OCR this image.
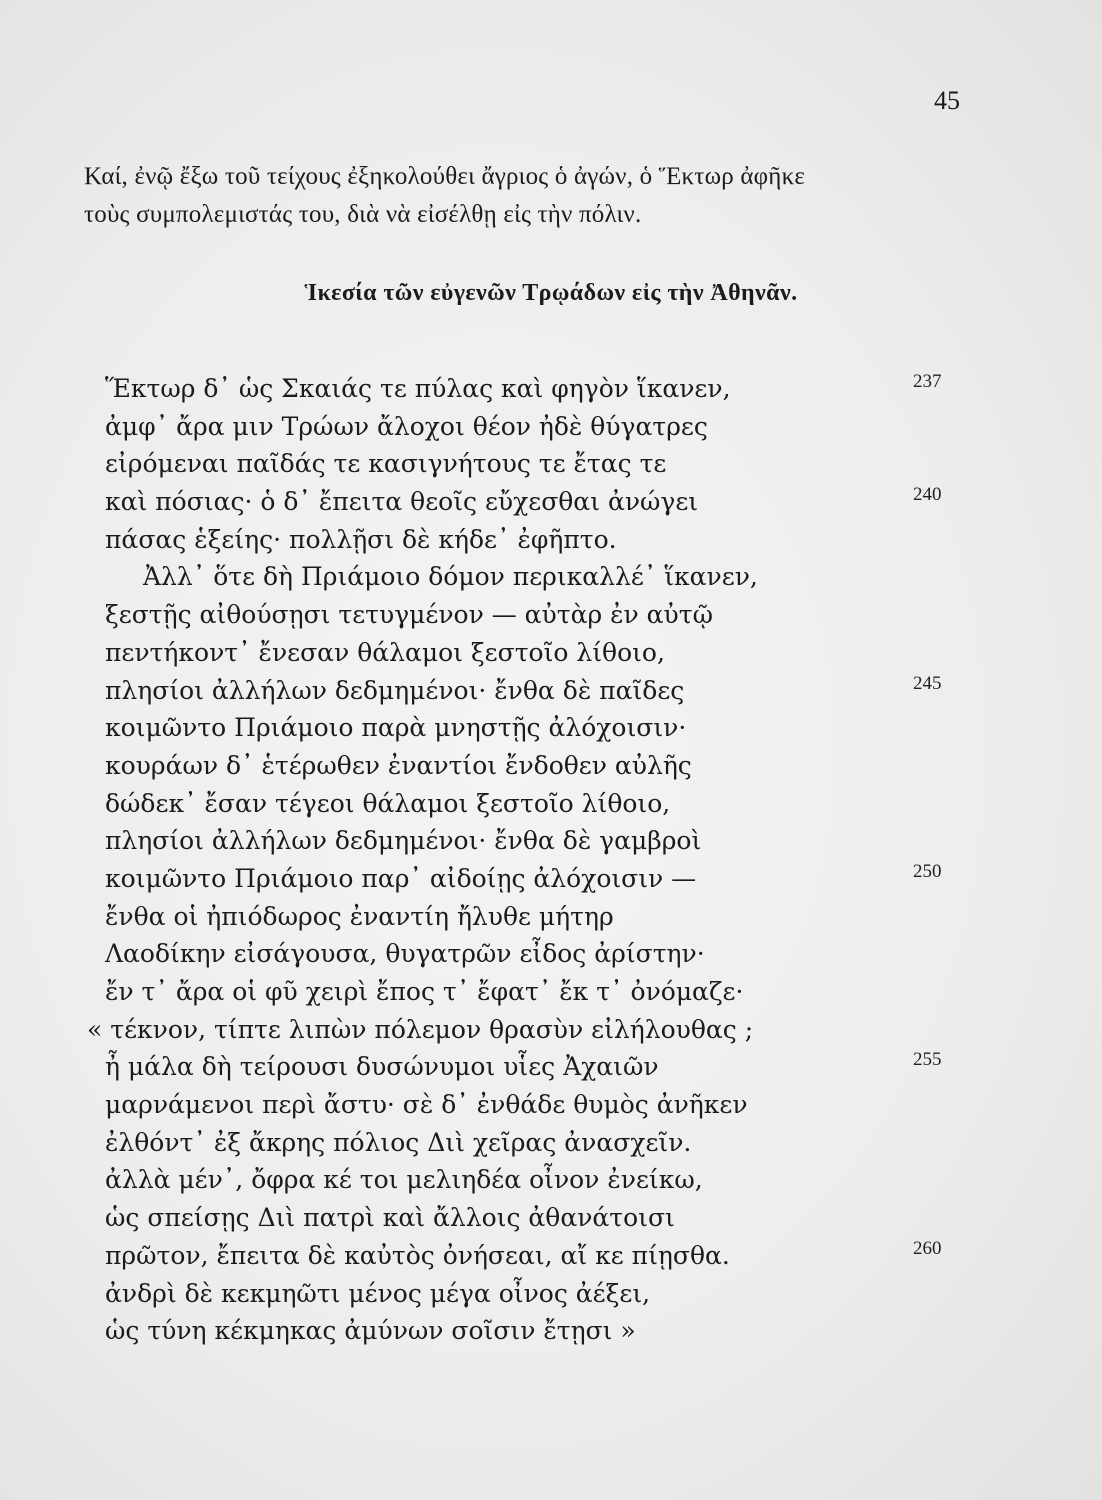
45
Καί, ἐνῷ ἔξω τοῦ τείχους ἐξηκολούθει ἄγριος ὁ ἀγών, ὁ Ἕκτωρ ἀφῆκε
τοὺς συμπολεμιστάς του, διὰ νὰ εἰσέλθῃ εἰς τὴν πόλιν.
Ἱκεσία τῶν εὐγενῶν Τρῳάδων εἰς τὴν Ἀθηνᾶν.
Ἕκτωρ δ᾽ ὡς Σκαιάς τε πύλας καὶ φηγὸν ἵκανεν,	237
ἀμφ᾽ ἄρα μιν Τρώων ἄλοχοι θέον ἠδὲ θύγατρες
εἰρόμεναι παῖδάς τε κασιγνήτους τε ἔτας τε
καὶ πόσιας· ὁ δ᾽ ἔπειτα θεοῖς εὔχεσθαι ἀνώγει	240
πάσας ἑξείης· πολλῇσι δὲ κήδε᾽ ἐφῆπτο.
Ἀλλ᾽ ὅτε δὴ Πριάμοιο δόμον περικαλλέ᾽ ἵκανεν,
ξεστῇς αἰθούσῃσι τετυγμένον — αὐτὰρ ἐν αὐτῷ
πεντήκοντ᾽ ἔνεσαν θάλαμοι ξεστοῖο λίθοιο,
πλησίοι ἀλλήλων δεδμημένοι· ἔνθα δὲ παῖδες	245
κοιμῶντο Πριάμοιο παρὰ μνηστῇς ἀλόχοισιν·
κουράων δ᾽ ἑτέρωθεν ἐναντίοι ἔνδοθεν αὐλῆς
δώδεκ᾽ ἔσαν τέγεοι θάλαμοι ξεστοῖο λίθοιο,
πλησίοι ἀλλήλων δεδμημένοι· ἔνθα δὲ γαμβροὶ
κοιμῶντο Πριάμοιο παρ᾽ αἰδοίῃς ἀλόχοισιν —	250
ἔνθα οἱ ἠπιόδωρος ἐναντίη ἤλυθε μήτηρ
Λαοδίκην εἰσάγουσα, θυγατρῶν εἶδος ἀρίστην·
ἔν τ᾽ ἄρα οἱ φῦ χειρὶ ἔπος τ᾽ ἔφατ᾽ ἔκ τ᾽ ὀνόμαζε·
« τέκνον, τίπτε λιπὼν πόλεμον θρασὺν εἰλήλουθας ;
ἦ μάλα δὴ τείρουσι δυσώνυμοι υἷες Ἀχαιῶν	255
μαρνάμενοι περὶ ἄστυ· σὲ δ᾽ ἐνθάδε θυμὸς ἀνῆκεν
ἐλθόντ᾽ ἐξ ἄκρης πόλιος Διὶ χεῖρας ἀνασχεῖν.
ἀλλὰ μέν᾽, ὄφρα κέ τοι μελιηδέα οἶνον ἐνείκω,
ὡς σπείσῃς Διὶ πατρὶ καὶ ἄλλοις ἀθανάτοισι
πρῶτον, ἔπειτα δὲ καὐτὸς ὀνήσεαι, αἴ κε πίῃσθα.	260
ἀνδρὶ δὲ κεκμηῶτι μένος μέγα οἶνος ἀέξει,
ὡς τύνη κέκμηκας ἀμύνων σοῖσιν ἔτῃσι »
